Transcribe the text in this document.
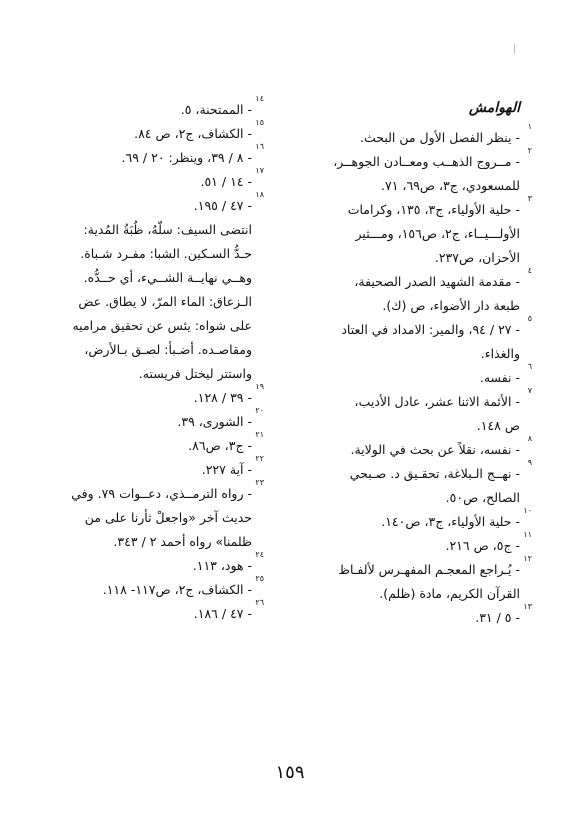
الهوامش
١

- ينظر الفصل الأول من البحث.

٢

- مــروج الذهــب ومعــادن الجوهــر،

للمسعودي، ج٣، ص٦٩، ٧١.

٣

- حلية الأولياء، ج٣، ١٣٥، وكرامات

الأولـــيــاء، ج٢، ص١٥٦، ومـــثير

الأحزان، ص٢٣٧.

٤

- مقدمة الشهيد الصدر الصحيفة،

طبعة دار الأضواء، ص (ك).

٥

- ٢٧ / ٩٤، والمير: الامداد في العتاد

والغذاء.

٦

- نفسه.

٧

- الأئمة الاثنا عشر، عادل الأديب،

ص ١٤٨.

٨

- نفسه، نقلاً عن بحث في الولاية.

٩

- نهــج الـبلاغة، تحقـيق د. صـبحي

الصالح، ص٥٠.

١٠

- حلية الأولياء، ج٣، ص١٤٠.

١١

- ج٥، ص ٢١٦.

١٢

- يُـراجع المعجـم المفهـرس لألفـاظ

القرآن الكريم، مادة (ظلم).

١٣

- ٥ / ٣١.

١٤

- الممتحنة، ٥.

١٥

- الكشاف، ج٢، ص ٨٤.

١٦

- ٨ / ٣٩، وينظر: ٢٠ / ٦٩.

١٧

- ١٤ / ٥١.

١٨

- ٤٧ / ١٩٥.

انتضى السيف: سلّهُ، ظُبَةُ المُدية:

حـدُّ السـكين. الشبا: مفـرد شـباة.

وهــي نهايــة الشــيء، أي حــدُّه.

الـزعاق: الماء المرّ، لا يطاق. عض

على شواه: يئس عن تحقيق مراميه

ومقاصـده. أضـبأ: لصـق بـالأرض،

واستتر ليختل فريسته.

١٩

- ٣٩ / ١٢٨.

٢٠

- الشورى، ٣٩.

٢١

- ج٣، ص٨٦.

٢٢

- آية ٢٢٧.

٢٣

- رواه الترمــذي، دعــوات ٧٩. وفي

حديث آخر «واجعلْ ثأرنا على من

ظلمنا» رواه أحمد ٢ / ٣٤٣.

٢٤

- هود، ١١٣.

٢٥

- الكشاف، ج٢، ص١١٧- ١١٨.

٢٦

- ٤٧ / ١٨٦.

١٥٩
